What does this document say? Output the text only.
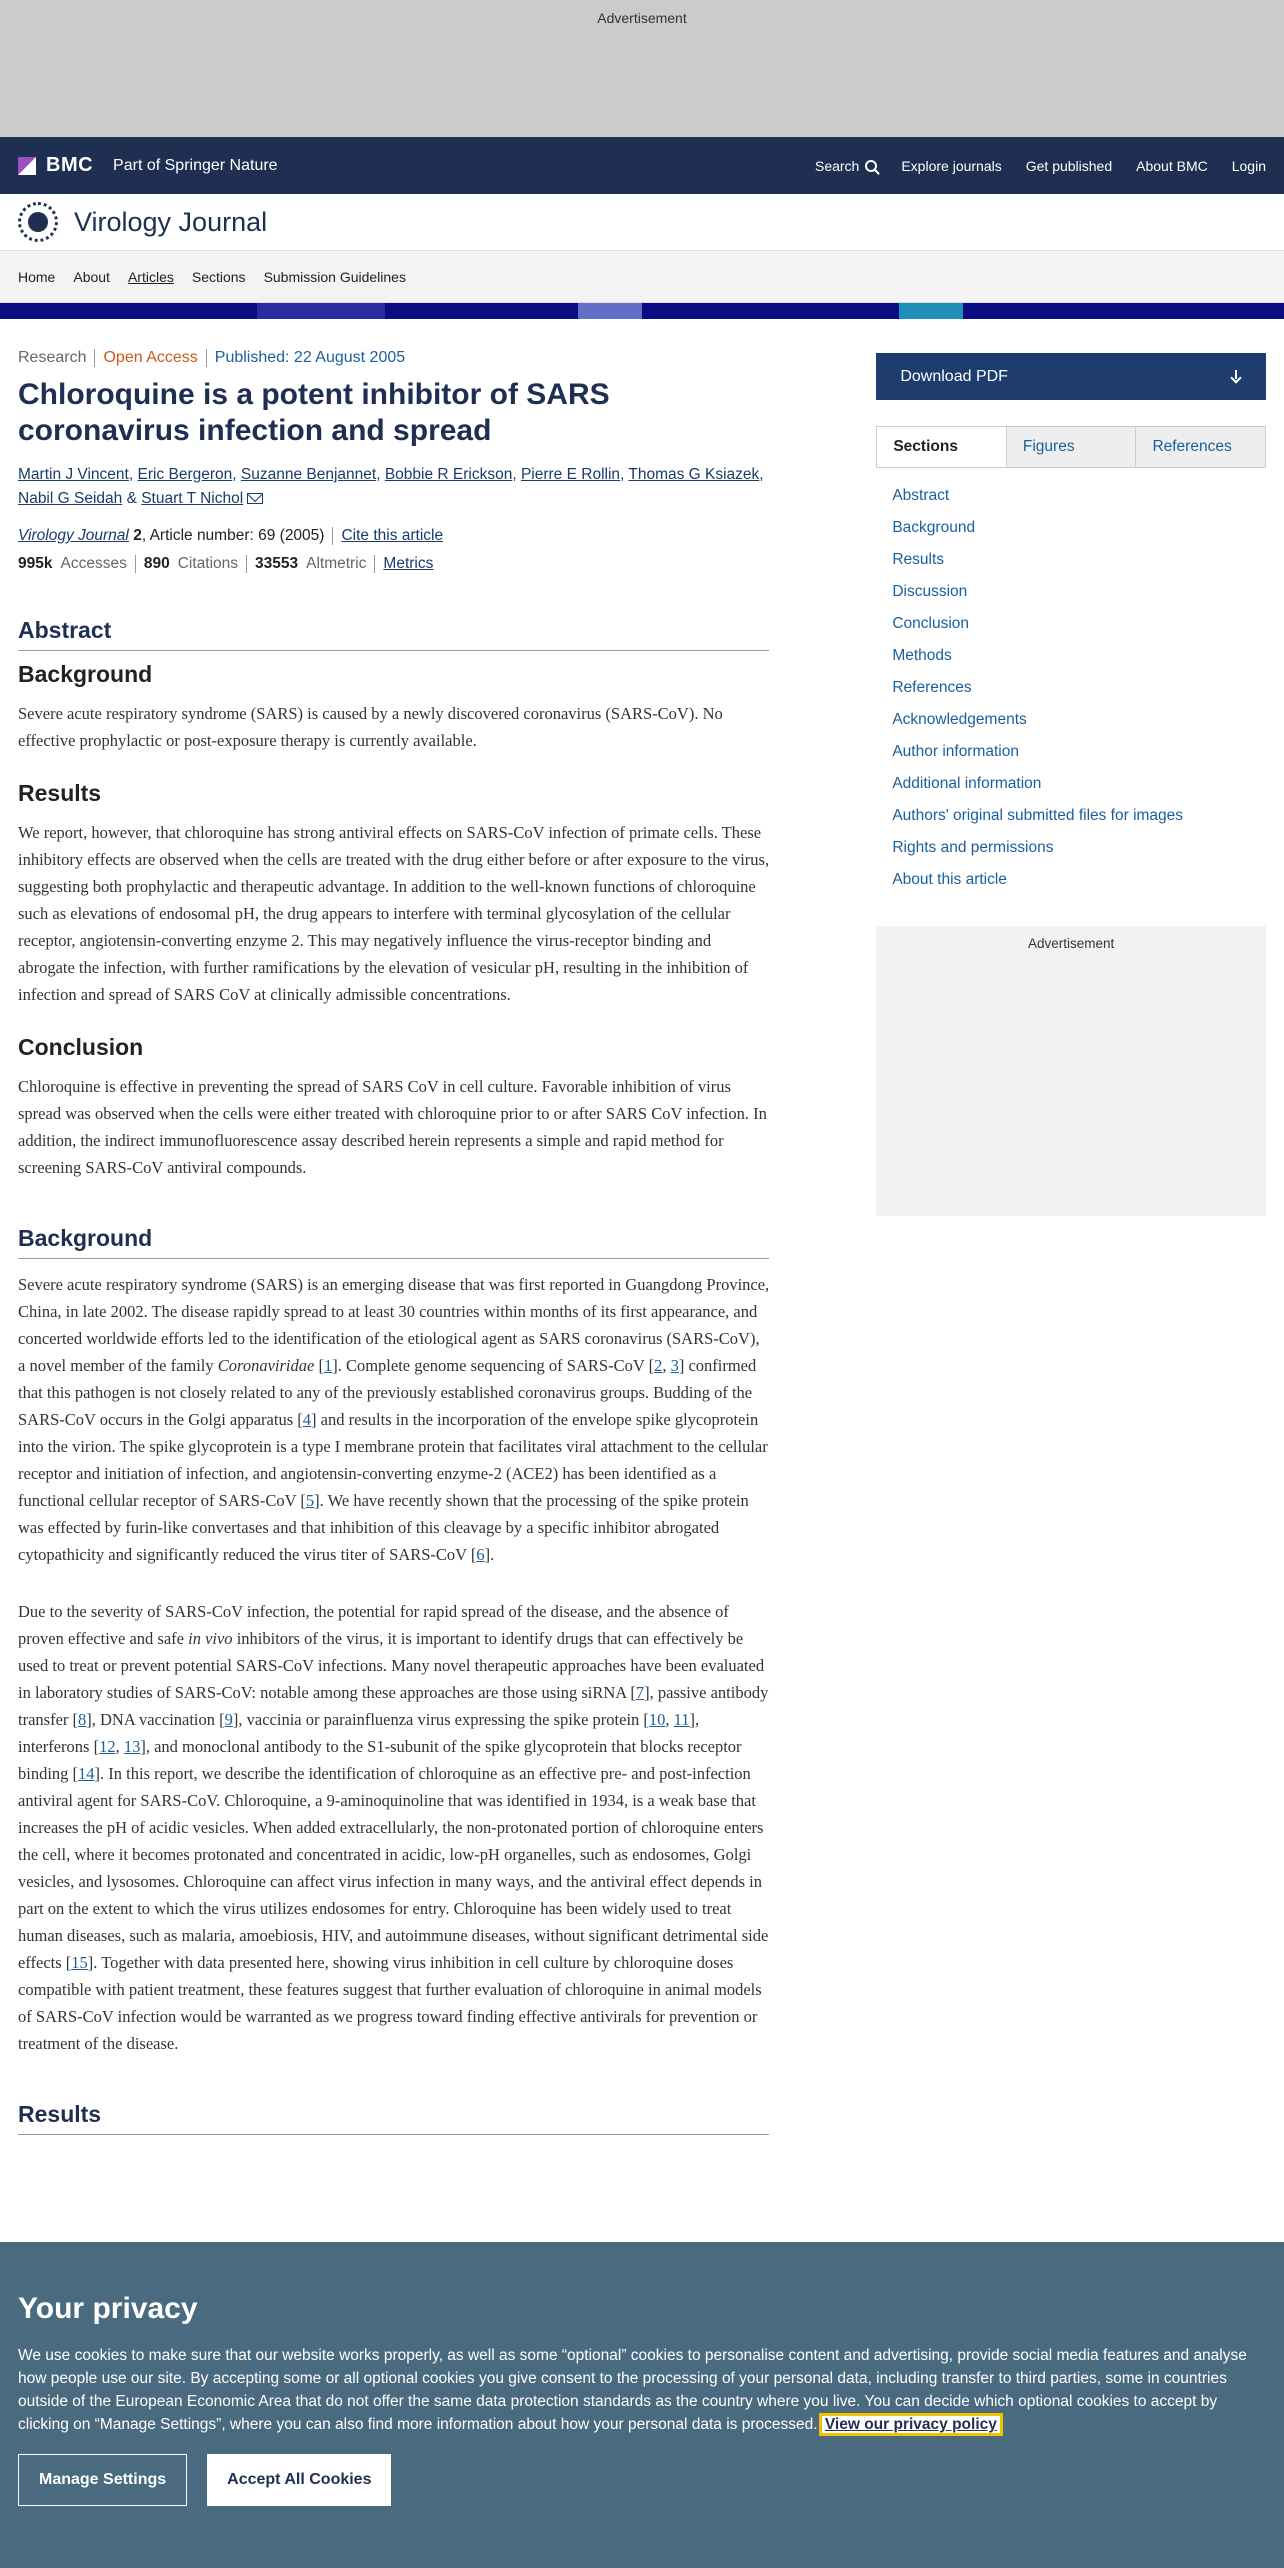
Advertisement
BMC Part of Springer Nature	Search	Explore journals Get published About BMC Login
Virology Journal
Home About Articles Sections Submission Guidelines
Research Open Access Published: 22 August 2005
Chloroquine is a potent inhibitor of SARS coronavirus infection and spread
Martin J Vincent, Eric Bergeron, Suzanne Benjannet, Bobbie R Erickson, Pierre E Rollin, Thomas G Ksiazek, Nabil G Seidah & Stuart T Nichol
Virology Journal 2, Article number: 69 (2005) Cite this article
995k Accesses 890 Citations 33553 Altmetric Metrics
Abstract
Background

Severe acute respiratory syndrome (SARS) is caused by a newly discovered coronavirus (SARS-CoV). No effective prophylactic or post-exposure therapy is currently available.

Results

We report, however, that chloroquine has strong antiviral effects on SARS-CoV infection of primate cells. These inhibitory effects are observed when the cells are treated with the drug either before or after exposure to the virus, suggesting both prophylactic and therapeutic advantage. In addition to the well-known functions of chloroquine such as elevations of endosomal pH, the drug appears to interfere with terminal glycosylation of the cellular receptor, angiotensin-converting enzyme 2. This may negatively influence the virus-receptor binding and abrogate the infection, with further ramifications by the elevation of vesicular pH, resulting in the inhibition of infection and spread of SARS CoV at clinically admissible concentrations.

Conclusion

Chloroquine is effective in preventing the spread of SARS CoV in cell culture. Favorable inhibition of virus spread was observed when the cells were either treated with chloroquine prior to or after SARS CoV infection. In addition, the indirect immunofluorescence assay described herein represents a simple and rapid method for screening SARS-CoV antiviral compounds.

Background

Severe acute respiratory syndrome (SARS) is an emerging disease that was first reported in Guangdong Province, China, in late 2002. The disease rapidly spread to at least 30 countries within months of its first appearance, and concerted worldwide efforts led to the identification of the etiological agent as SARS coronavirus (SARS-CoV), a novel member of the family Coronaviridae [1]. Complete genome sequencing of SARS-CoV [2, 3] confirmed that this pathogen is not closely related to any of the previously established coronavirus groups. Budding of the SARS-CoV occurs in the Golgi apparatus [4] and results in the incorporation of the envelope spike glycoprotein into the virion. The spike glycoprotein is a type I membrane protein that facilitates viral attachment to the cellular receptor and initiation of infection, and angiotensin-converting enzyme-2 (ACE2) has been identified as a functional cellular receptor of SARS-CoV [5]. We have recently shown that the processing of the spike protein was effected by furin-like convertases and that inhibition of this cleavage by a specific inhibitor abrogated cytopathicity and significantly reduced the virus titer of SARS-CoV [6].

Due to the severity of SARS-CoV infection, the potential for rapid spread of the disease, and the absence of proven effective and safe in vivo inhibitors of the virus, it is important to identify drugs that can effectively be used to treat or prevent potential SARS-CoV infections. Many novel therapeutic approaches have been evaluated in laboratory studies of SARS-CoV: notable among these approaches are those using siRNA [7], passive antibody transfer [8], DNA vaccination [9], vaccinia or parainfluenza virus expressing the spike protein [10, 11], interferons [12, 13], and monoclonal antibody to the S1-subunit of the spike glycoprotein that blocks receptor binding [14]. In this report, we describe the identification of chloroquine as an effective pre- and post-infection antiviral agent for SARS-CoV. Chloroquine, a 9-aminoquinoline that was identified in 1934, is a weak base that increases the pH of acidic vesicles. When added extracellularly, the non-protonated portion of chloroquine enters the cell, where it becomes protonated and concentrated in acidic, low-pH organelles, such as endosomes, Golgi vesicles, and lysosomes. Chloroquine can affect virus infection in many ways, and the antiviral effect depends in part on the extent to which the virus utilizes endosomes for entry. Chloroquine has been widely used to treat human diseases, such as malaria, amoebiosis, HIV, and autoimmune diseases, without significant detrimental side effects [15]. Together with data presented here, showing virus inhibition in cell culture by chloroquine doses compatible with patient treatment, these features suggest that further evaluation of chloroquine in animal models of SARS-CoV infection would be warranted as we progress toward finding effective antivirals for prevention or treatment of the disease.

Results
Download PDF
Sections	Figures	References
Abstract
Background
Results
Discussion
Conclusion
Methods
References
Acknowledgements
Author information
Additional information
Authors' original submitted files for images
Rights and permissions
About this article
Advertisement
Your privacy

We use cookies to make sure that our website works properly, as well as some “optional” cookies to personalise content and advertising, provide social media features and analyse how people use our site. By accepting some or all optional cookies you give consent to the processing of your personal data, including transfer to third parties, some in countries outside of the European Economic Area that do not offer the same data protection standards as the country where you live. You can decide which optional cookies to accept by clicking on “Manage Settings”, where you can also find more information about how your personal data is processed. View our privacy policy

Manage Settings	Accept All Cookies
